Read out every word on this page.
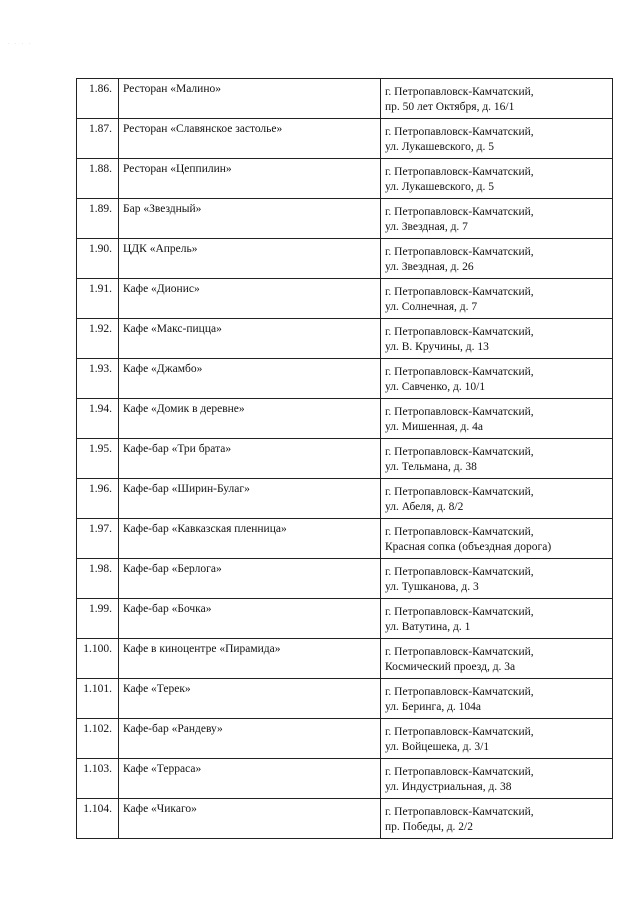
· · · ·
1.86.	Ресторан «Малино»	г. Петропавловск-Камчатский,
пр. 50 лет Октября, д. 16/1

1.87.	Ресторан «Славянское застолье»	г. Петропавловск-Камчатский,
ул. Лукашевского, д. 5

1.88.	Ресторан «Цеппилин»	г. Петропавловск-Камчатский,
ул. Лукашевского, д. 5

1.89.	Бар «Звездный»	г. Петропавловск-Камчатский,
ул. Звездная, д. 7

1.90.	ЦДК «Апрель»	г. Петропавловск-Камчатский,
ул. Звездная, д. 26

1.91.	Кафе «Дионис»	г. Петропавловск-Камчатский,
ул. Солнечная, д. 7

1.92.	Кафе «Макс-пицца»	г. Петропавловск-Камчатский,
ул. В. Кручины, д. 13

1.93.	Кафе «Джамбо»	г. Петропавловск-Камчатский,
ул. Савченко, д. 10/1

1.94.	Кафе «Домик в деревне»	г. Петропавловск-Камчатский,
ул. Мишенная, д. 4а

1.95.	Кафе-бар «Три брата»	г. Петропавловск-Камчатский,
ул. Тельмана, д. 38

1.96.	Кафе-бар «Ширин-Булаг»	г. Петропавловск-Камчатский,
ул. Абеля, д. 8/2

1.97.	Кафе-бар «Кавказская пленница»	г. Петропавловск-Камчатский,
Красная сопка (объездная дорога)

1.98.	Кафе-бар «Берлога»	г. Петропавловск-Камчатский,
ул. Тушканова, д. 3

1.99.	Кафе-бар «Бочка»	г. Петропавловск-Камчатский,
ул. Ватутина, д. 1

1.100.	Кафе в киноцентре «Пирамида»	г. Петропавловск-Камчатский,
Космический проезд, д. 3а

1.101.	Кафе «Терек»	г. Петропавловск-Камчатский,
ул. Беринга, д. 104а

1.102.	Кафе-бар «Рандеву»	г. Петропавловск-Камчатский,
ул. Войцешека, д. 3/1

1.103.	Кафе «Терраса»	г. Петропавловск-Камчатский,
ул. Индустриальная, д. 38

1.104.	Кафе «Чикаго»	г. Петропавловск-Камчатский,
пр. Победы, д. 2/2
